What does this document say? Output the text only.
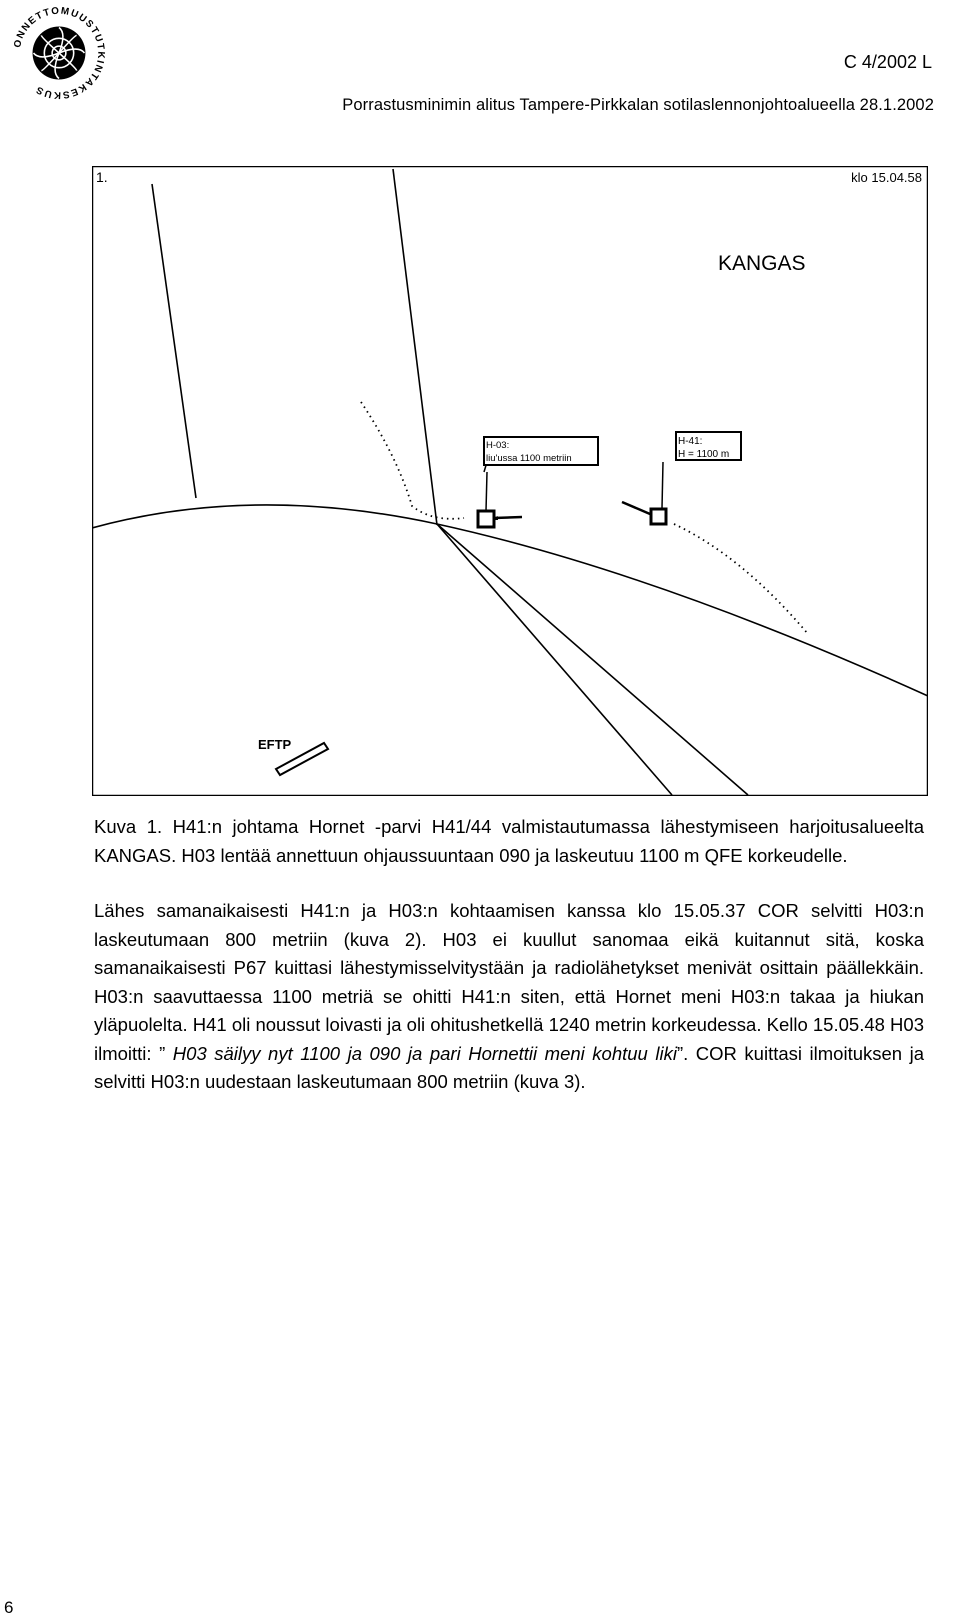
ONNETTOMUUSTUTKINTAKESKUS
C 4/2002 L
Porrastusminimin alitus Tampere-Pirkkalan sotilaslennonjohtoalueella 28.1.2002
1.	klo 15.04.58
KANGAS
H-03:
liu'ussa 1100 metriin
H-41:
H = 1100 m
EFTP

Kuva 1. H41:n johtama Hornet -parvi H41/44 valmistautumassa lähestymiseen harjoitusalueelta KANGAS. H03 lentää annettuun ohjaussuuntaan 090 ja laskeutuu 1100 m QFE korkeudelle.

Lähes samanaikaisesti H41:n ja H03:n kohtaamisen kanssa klo 15.05.37 COR selvitti H03:n laskeutumaan 800 metriin (kuva 2). H03 ei kuullut sanomaa eikä kuitannut sitä, koska samanaikaisesti P67 kuittasi lähestymisselvitystään ja radiolähetykset menivät osittain päällekkäin. H03:n saavuttaessa 1100 metriä se ohitti H41:n siten, että Hornet meni H03:n takaa ja hiukan yläpuolelta. H41 oli noussut loivasti ja oli ohitushetkellä 1240 metrin korkeudessa. Kello 15.05.48 H03 ilmoitti: ” H03 säilyy nyt 1100 ja 090 ja pari Hornettii meni kohtuu liki”. COR kuittasi ilmoituksen ja selvitti H03:n uudestaan laskeutumaan 800 metriin (kuva 3).

6
